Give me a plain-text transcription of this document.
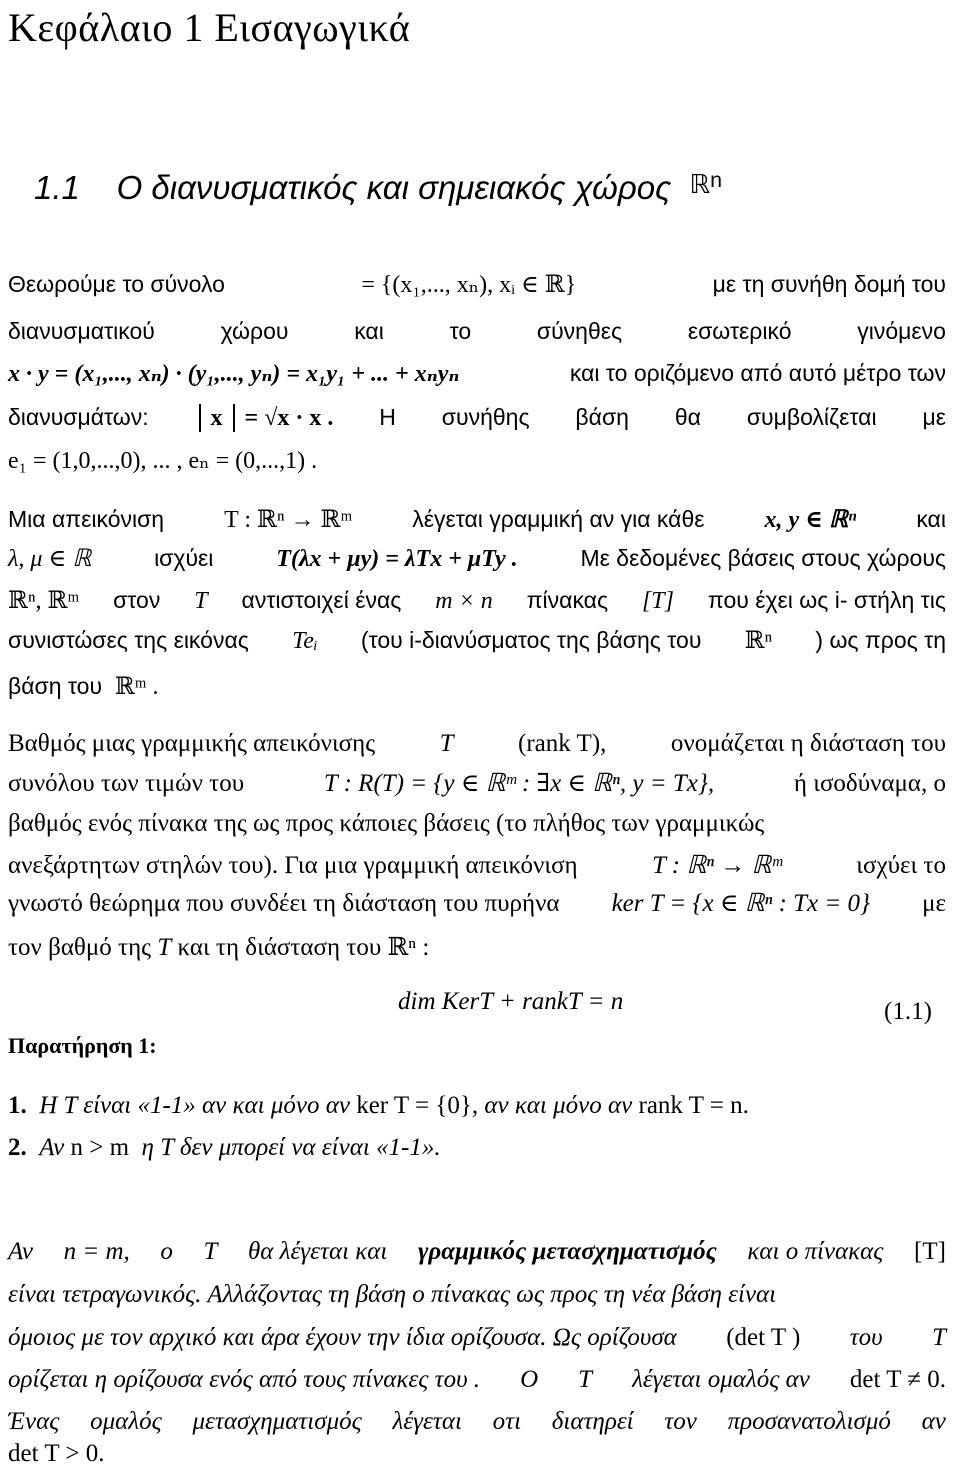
Κεφάλαιο 1 Εισαγωγικά
1.1 Ο διανυσματικός και σημειακός χώρος ℝ$^n$
Θεωρούμε το σύνολο	= {(x₁,..., xₙ), xᵢ ∈ ℝ}	με τη συνήθη δομή του
διανυσματικού	χώρου	και	το	σύνηθες	εσωτερικό	γινόμενο
x · y = (x₁,..., xₙ) · (y₁,..., yₙ) = x₁y₁ + ... + xₙyₙ	και το οριζόμενο από αυτό μέτρο των
διανυσμάτων:	x = √x · x . Η συνήθης βάση θα συμβολίζεται με
e₁ = (1,0,...,0), ... , eₙ = (0,...,1) .
Μια απεικόνιση	T : ℝⁿ → ℝᵐ	λέγεται γραμμική αν για κάθε	x, y ∈ ℝⁿ	και
λ, μ ∈ ℝ	ισχύει	T(λx + μy) = λTx + μTy .	Με δεδομένες βάσεις στους χώρους
ℝⁿ, ℝᵐ στον T αντιστοιχεί ένας m × n πίνακας [T] που έχει ως i- στήλη τις
συνιστώσες της εικόνας Teᵢ (του i-διανύσματος της βάσης του ℝⁿ ) ως προς τη
βάση του ℝᵐ .
Βαθμός μιας γραμμικής απεικόνισης	T	(rank T),	ονομάζεται η διάσταση του
συνόλου των τιμών του	T : R(T) = {y ∈ ℝᵐ : ∃x ∈ ℝⁿ, y = Tx},	ή ισοδύναμα, ο
βαθμός ενός πίνακα της ως προς κάποιες βάσεις (το πλήθος των γραμμικώς
ανεξάρτητων στηλών του). Για μια γραμμική απεικόνιση	T : ℝⁿ → ℝᵐ	ισχύει το
γνωστό θεώρημα που συνδέει τη διάσταση του πυρήνα ker T = {x ∈ ℝⁿ : Tx = 0} με
τον βαθμό της T και τη διάσταση του ℝⁿ :
dim KerT + rankT = n	(1.1)
Παρατήρηση 1:
1. Η Τ είναι «1-1» αν και μόνο αν ker T = {0}, αν και μόνο αν rank T = n.
2. Αν n > m η Τ δεν μπορεί να είναι «1-1».
Αν n = m, ο T θα λέγεται και γραμμικός μετασχηματισμός και ο πίνακας [T]
είναι τετραγωνικός. Αλλάζοντας τη βάση ο πίνακας ως προς τη νέα βάση είναι
όμοιος με τον αρχικό και άρα έχουν την ίδια ορίζουσα. Ως ορίζουσα (det T ) του T
ορίζεται η ορίζουσα ενός από τους πίνακες του . Ο T λέγεται ομαλός αν det T ≠ 0.
Ένας ομαλός μετασχηματισμός λέγεται οτι διατηρεί τον προσανατολισμό αν
det T > 0.
